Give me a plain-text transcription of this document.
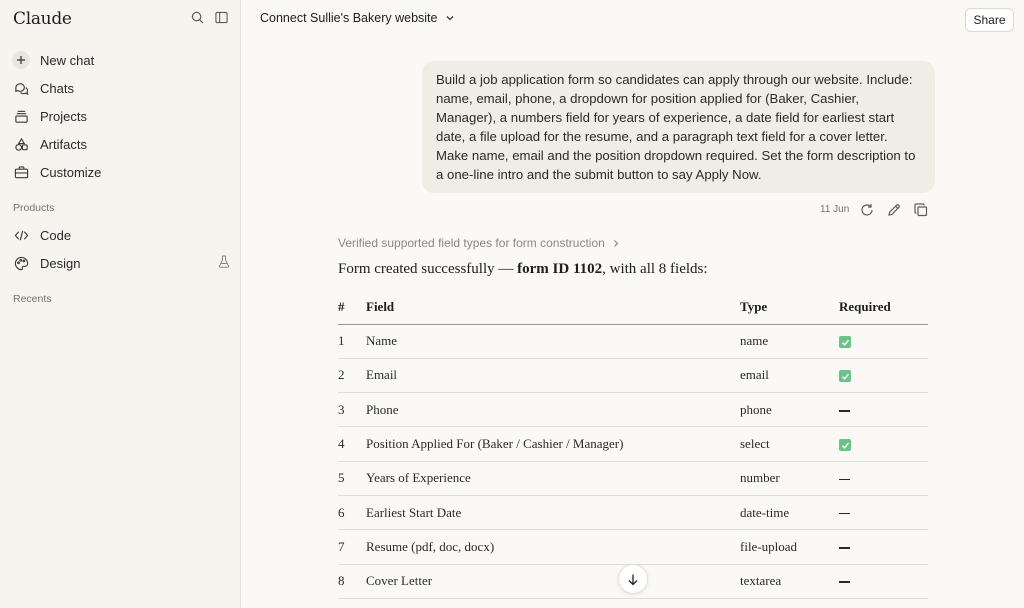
Claude
New chat
Chats
Projects
Artifacts
Customize
Products
Code
Design
Recents
Connect Sullie's Bakery website	Share

Build a job application form so candidates can apply through our website. Include: name, email, phone, a dropdown for position applied for (Baker, Cashier, Manager), a numbers field for years of experience, a date field for earliest start date, a file upload for the resume, and a paragraph text field for a cover letter. Make name, email and the position dropdown required. Set the form description to a one-line intro and the submit button to say Apply Now.

11 Jun
Verified supported field types for form construction
Form created successfully — form ID 1102, with all 8 fields:
#	Field	Type	Required
1	Name	name	

2	Email	email	

3	Phone	phone	
4	Position Applied For (Baker / Cashier / Manager)	select	

5	Years of Experience	number	
6	Earliest Start Date	date-time	
7	Resume (pdf, doc, docx)	file-upload	
8	Cover Letter	textarea	
